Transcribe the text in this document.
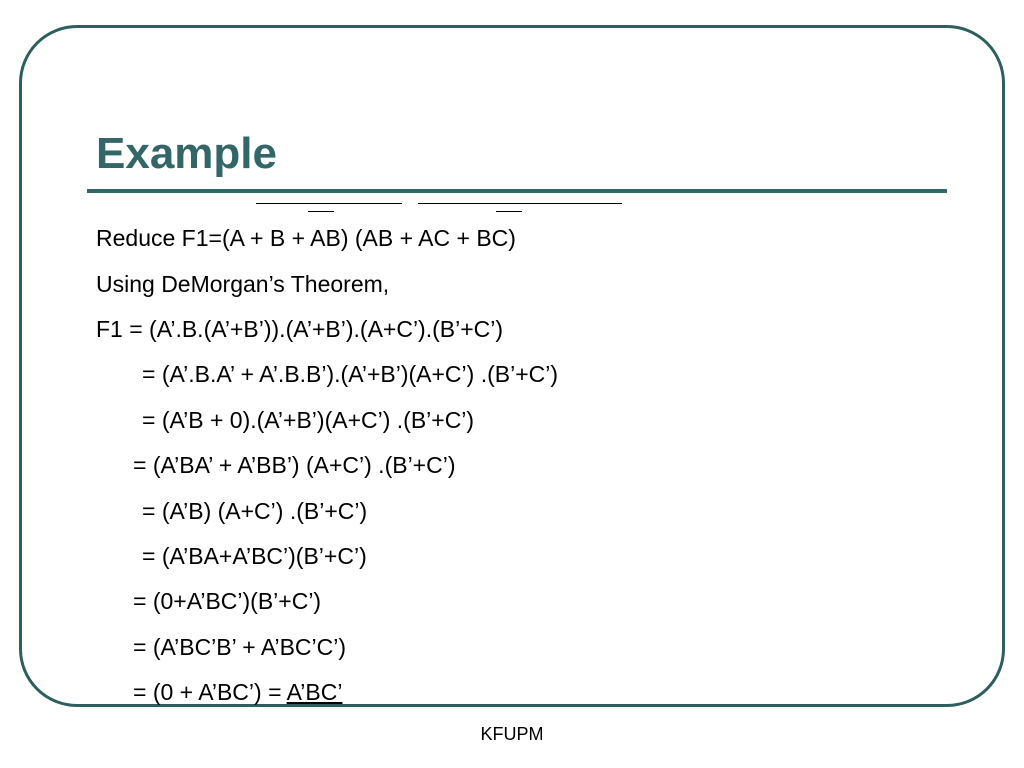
Example
Reduce F1=(A + B + AB) (AB + AC + BC)
Using DeMorgan’s Theorem,
F1 = (A’.B.(A’+B’)).(A’+B’).(A+C’).(B’+C’)
= (A’.B.A’ + A’.B.B’).(A’+B’)(A+C’) .(B’+C’)
= (A’B + 0).(A’+B’)(A+C’) .(B’+C’)
= (A’BA’ + A’BB’) (A+C’) .(B’+C’)
= (A’B) (A+C’) .(B’+C’)
= (A’BA+A’BC’)(B’+C’)
= (0+A’BC’)(B’+C’)
= (A’BC’B’ + A’BC’C’)
= (0 + A’BC’) = A’BC’
KFUPM
